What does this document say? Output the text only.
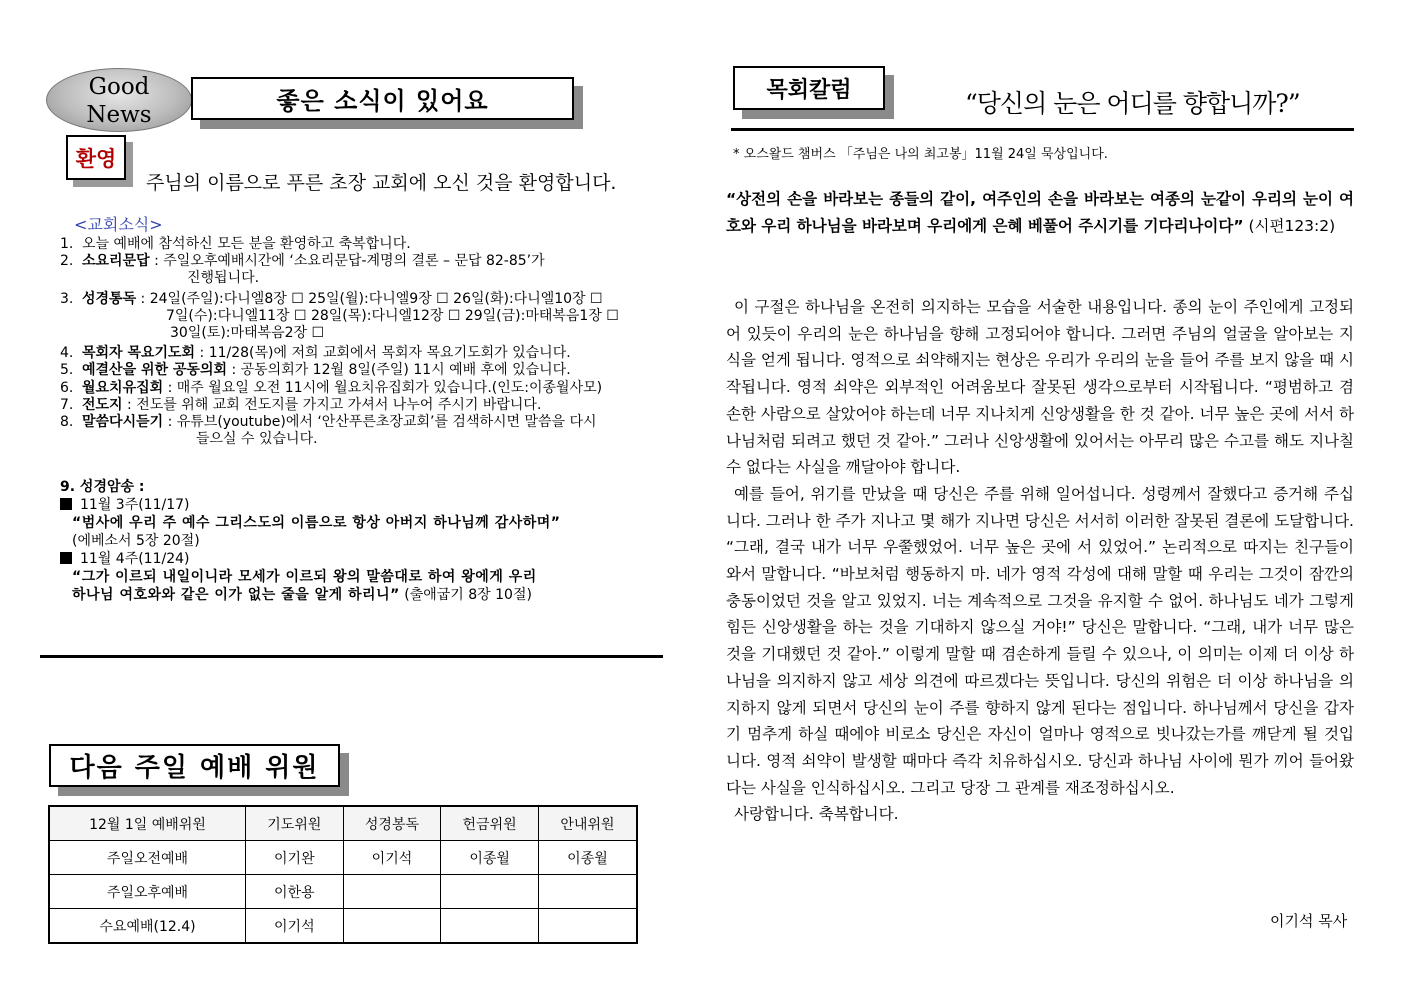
Good
News	좋은 소식이 있어요
환영
주님의 이름으로 푸른 초장 교회에 오신 것을 환영합니다.
<교회소식>
1. 오늘 예배에 참석하신 모든 분을 환영하고 축복합니다.
2. 소요리문답 : 주일오후예배시간에 ‘소요리문답-계명의 결론 – 문답 82-85’가
진행됩니다.
3. 성경통독 : 24일(주일):다니엘8장 ☐ 25일(월):다니엘9장 ☐ 26일(화):다니엘10장 ☐
7일(수):다니엘11장 ☐ 28일(목):다니엘12장 ☐ 29일(금):마태복음1장 ☐
30일(토):마태복음2장 ☐
4. 목회자 목요기도회 : 11/28(목)에 저희 교회에서 목회자 목요기도회가 있습니다.
5. 예결산을 위한 공동의회 : 공동의회가 12월 8일(주일) 11시 예배 후에 있습니다.
6. 월요치유집회 : 매주 월요일 오전 11시에 월요치유집회가 있습니다.(인도:이종월사모)
7. 전도지 : 전도를 위해 교회 전도지를 가지고 가셔서 나누어 주시기 바랍니다.
8. 말씀다시듣기 : 유튜브(youtube)에서 ‘안산푸른초장교회’를 검색하시면 말씀을 다시
들으실 수 있습니다.
9. 성경암송 :
11월 3주(11/17)
“범사에 우리 주 예수 그리스도의 이름으로 항상 아버지 하나님께 감사하며”
(에베소서 5장 20절)
11월 4주(11/24)
“그가 이르되 내일이니라 모세가 이르되 왕의 말씀대로 하여 왕에게 우리
하나님 여호와와 같은 이가 없는 줄을 알게 하리니” (출애굽기 8장 10절)
다음 주일 예배 위원
12월 1일 예배위원	기도위원	성경봉독	헌금위원	안내위원
주일오전예배	이기완	이기석	이종월	이종월
주일오후예배	이한용			
수요예배(12.4)	이기석			
목회칼럼	“당신의 눈은 어디를 향합니까?”
* 오스왈드 챔버스 「주님은 나의 최고봉」11월 24일 묵상입니다.
“상전의 손을 바라보는 종들의 같이, 여주인의 손을 바라보는 여종의 눈같이 우리의 눈이 여호와 우리 하나님을 바라보며 우리에게 은혜 베풀어 주시기를 기다리나이다” (시편123:2)

이 구절은 하나님을 온전히 의지하는 모습을 서술한 내용입니다. 종의 눈이 주인에게 고정되어 있듯이 우리의 눈은 하나님을 향해 고정되어야 합니다. 그러면 주님의 얼굴을 알아보는 지식을 얻게 됩니다. 영적으로 쇠약해지는 현상은 우리가 우리의 눈을 들어 주를 보지 않을 때 시작됩니다. 영적 쇠약은 외부적인 어려움보다 잘못된 생각으로부터 시작됩니다. “평범하고 겸손한 사람으로 살았어야 하는데 너무 지나치게 신앙생활을 한 것 같아. 너무 높은 곳에 서서 하나님처럼 되려고 했던 것 같아.” 그러나 신앙생활에 있어서는 아무리 많은 수고를 해도 지나칠 수 없다는 사실을 깨달아야 합니다.

예를 들어, 위기를 만났을 때 당신은 주를 위해 일어섭니다. 성령께서 잘했다고 증거해 주십니다. 그러나 한 주가 지나고 몇 해가 지나면 당신은 서서히 이러한 잘못된 결론에 도달합니다. “그래, 결국 내가 너무 우쭐했었어. 너무 높은 곳에 서 있었어.” 논리적으로 따지는 친구들이 와서 말합니다. “바보처럼 행동하지 마. 네가 영적 각성에 대해 말할 때 우리는 그것이 잠깐의 충동이었던 것을 알고 있었지. 너는 계속적으로 그것을 유지할 수 없어. 하나님도 네가 그렇게 힘든 신앙생활을 하는 것을 기대하지 않으실 거야!” 당신은 말합니다. “그래, 내가 너무 많은 것을 기대했던 것 같아.” 이렇게 말할 때 겸손하게 들릴 수 있으나, 이 의미는 이제 더 이상 하나님을 의지하지 않고 세상 의견에 따르겠다는 뜻입니다. 당신의 위험은 더 이상 하나님을 의지하지 않게 되면서 당신의 눈이 주를 향하지 않게 된다는 점입니다. 하나님께서 당신을 갑자기 멈추게 하실 때에야 비로소 당신은 자신이 얼마나 영적으로 빗나갔는가를 깨닫게 될 것입니다. 영적 쇠약이 발생할 때마다 즉각 치유하십시오. 당신과 하나님 사이에 뭔가 끼어 들어왔다는 사실을 인식하십시오. 그리고 당장 그 관계를 재조정하십시오.

사랑합니다. 축복합니다.

이기석 목사
